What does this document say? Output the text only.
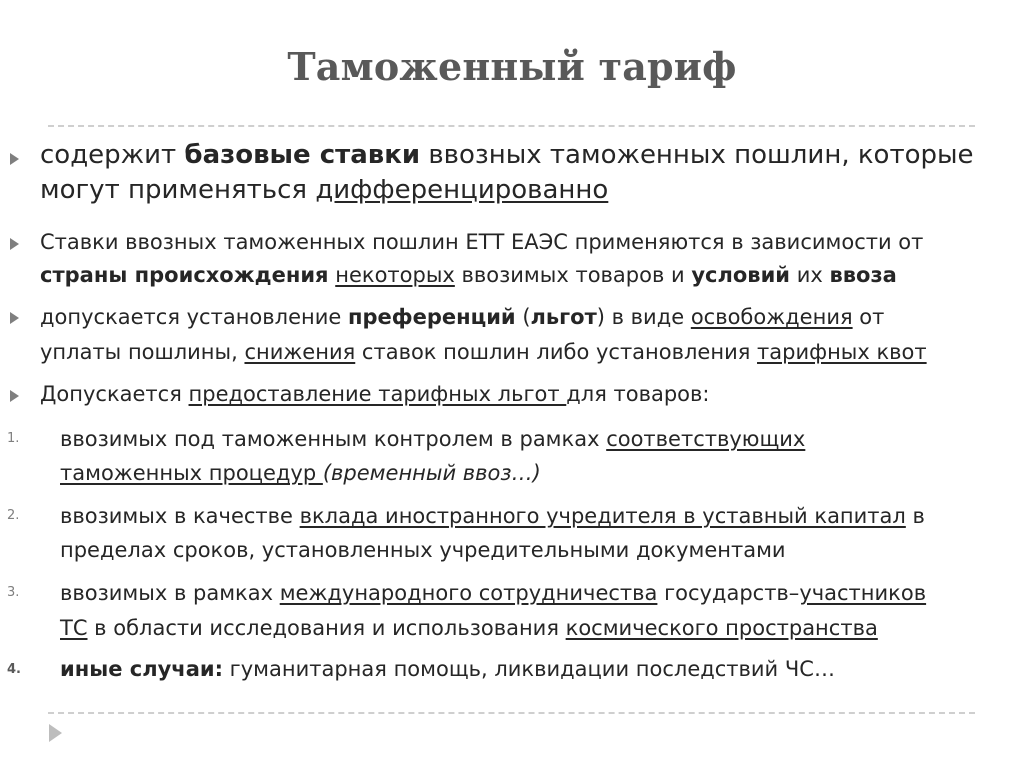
Таможенный тариф
содержит базовые ставки ввозных таможенных пошлин, которые
могут применяться дифференцированно
Ставки ввозных таможенных пошлин ЕТТ ЕАЭС применяются в зависимости от
страны происхождения некоторых ввозимых товаров и условий их ввоза
допускается установление преференций (льгот) в виде освобождения от
уплаты пошлины, снижения ставок пошлин либо установления тарифных квот
Допускается предоставление тарифных льгот для товаров:
1. ввозимых под таможенным контролем в рамках соответствующих
таможенных процедур (временный ввоз…)
2. ввозимых в качестве вклада иностранного учредителя в уставный капитал в
пределах сроков, установленных учредительными документами
3. ввозимых в рамках международного сотрудничества государств–участников
ТС в области исследования и использования космического пространства
4. иные случаи: гуманитарная помощь, ликвидации последствий ЧС…
